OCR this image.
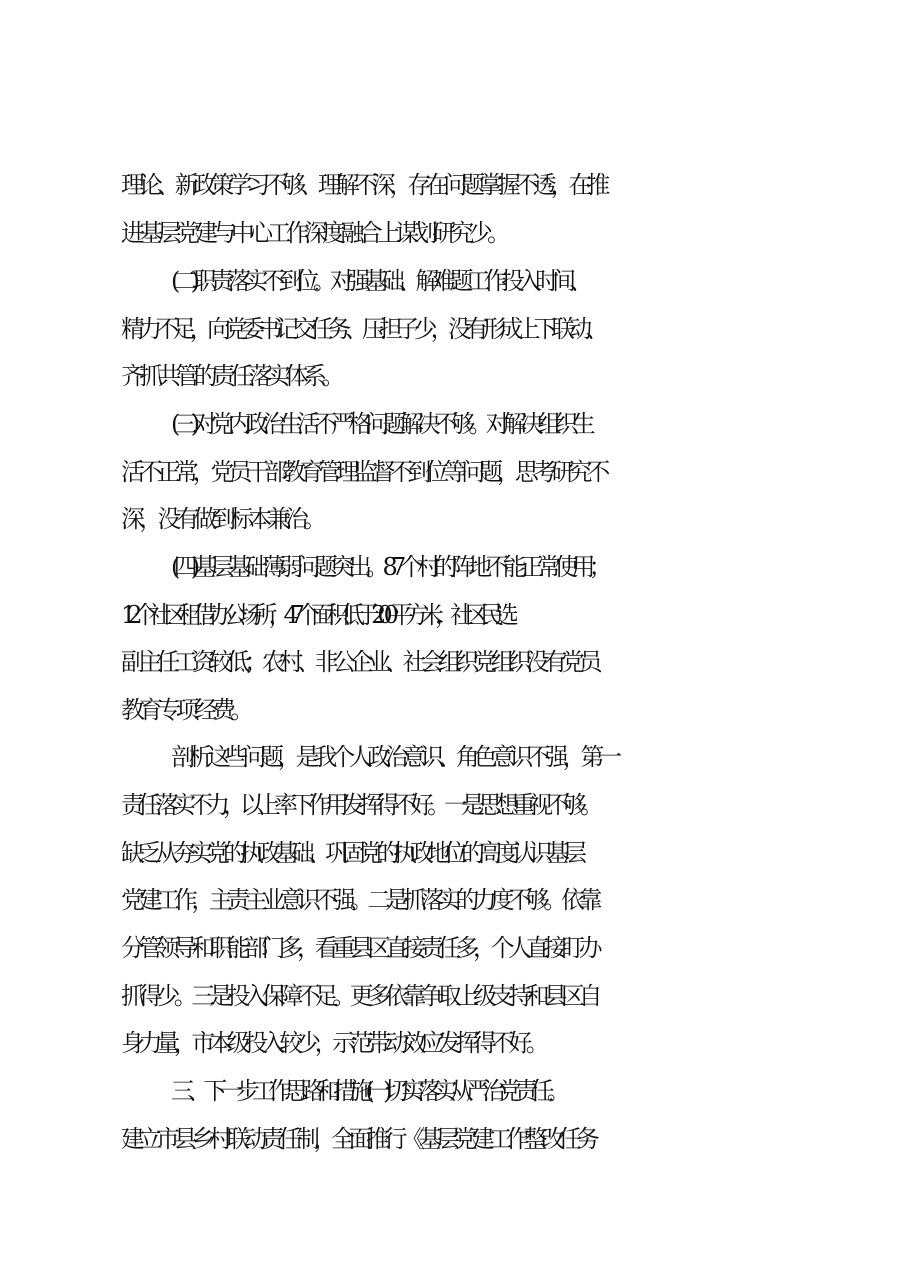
理论、新政策学习不够、理解不深，存在问题掌握不透，在推
进基层党建与中心工作深度融合上谋划研究少。
(二)职责落实不到位。对强基础、解难题工作投入时间、
精力不足，向党委书记交任务、压担子少，没有形成上下联动、
齐抓共管的责任落实体系。
(三)对党内政治生活不严格问题解决不够。对解决组织生
活不正常，党员干部教育管理监督不到位等问题，思考研究不
深，没有做到标本兼治。
(四)基层基础薄弱问题突出。87个村的阵地不能正常使用；
12个社区租借办公场所，47个面积低于200平方米，社区民选
副主任工资较低；农村、非公企业、社会组织党组织没有党员
教育专项经费。
剖析这些问题，是我个人政治意识、角色意识不强，第一
责任落实不力，以上率下作用发挥得不好。一是思想重视不够。
缺乏从夯实党的执政基础、巩固党的执政地位的高度认识基层
党建工作，主责主业意识不强。二是抓落实的力度不够。依靠
分管领导和职能部门多，看重县区直接责任多，个人直接盯办
抓得少。三是投入保障不足。更多依靠争取上级支持和县区自
身力量，市本级投入较少，示范带动效应发挥得不好。
三、下一步工作思路和措施(一)切实落实从严治党责任。
建立市县乡村联动责任制，全面推行《基层党建工作整改任务
